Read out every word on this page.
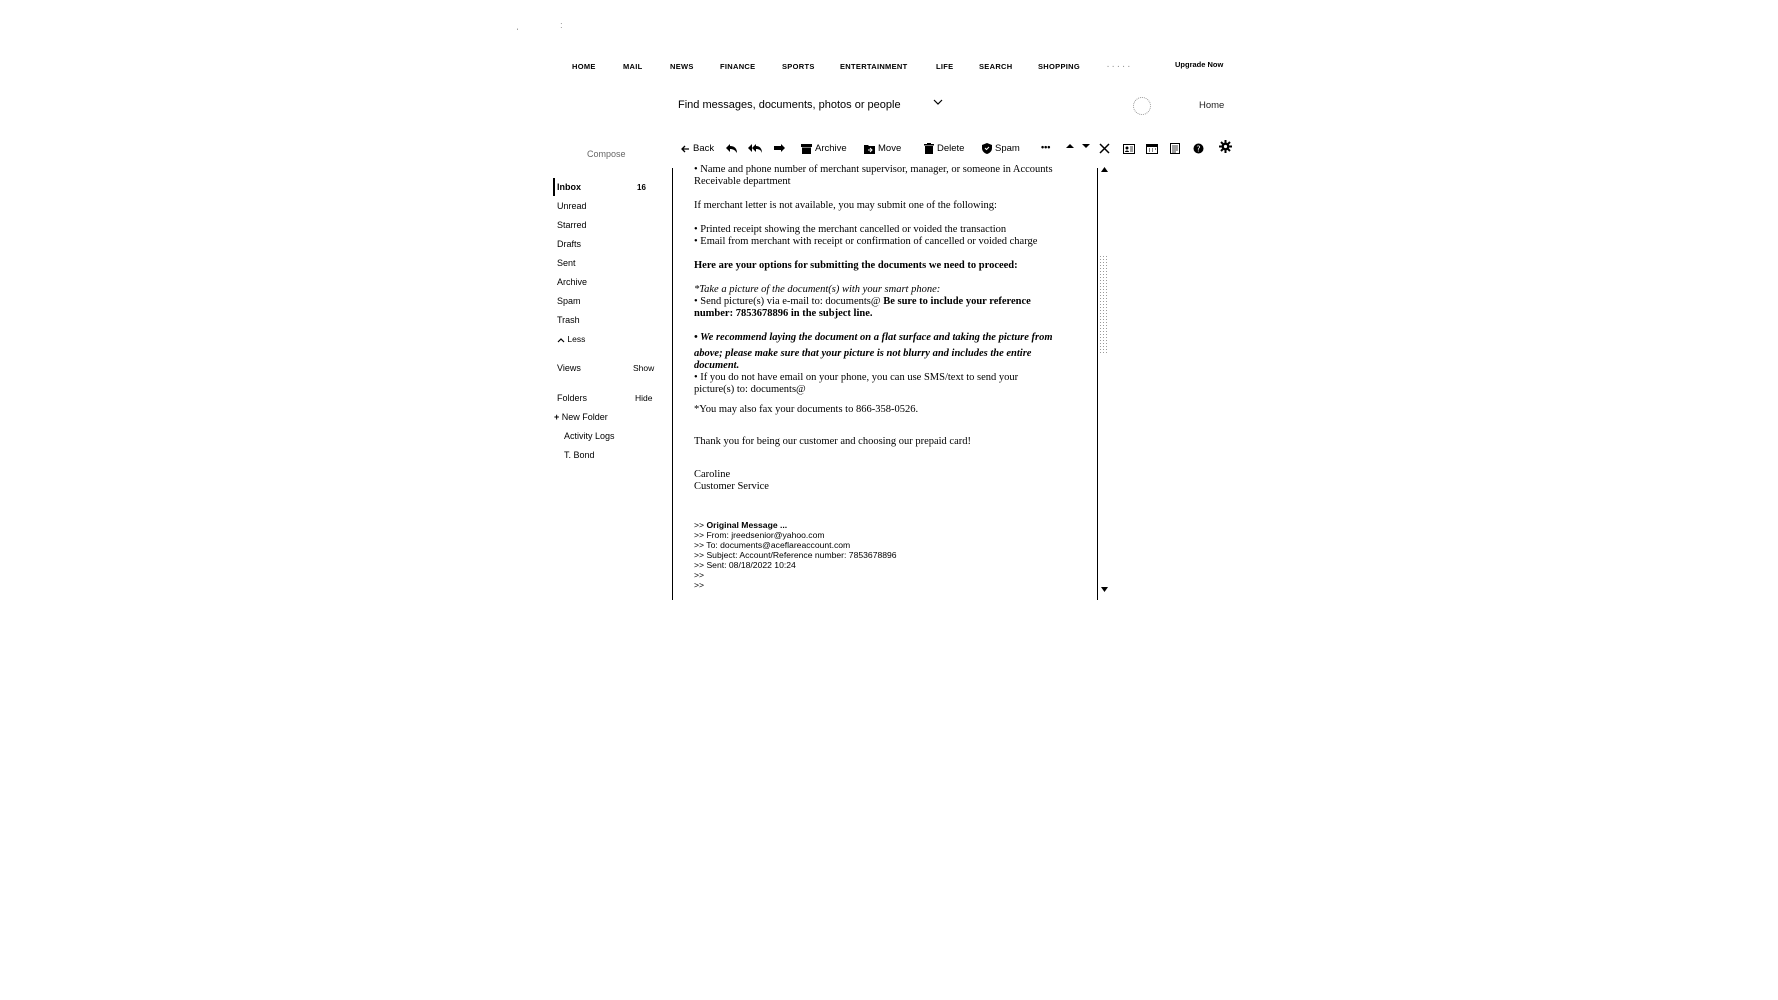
ˌ	ː
HOME	MAIL	NEWS	FINANCE	SPORTS	ENTERTAINMENT	LIFE	SEARCH	SHOPPING	· · · · ·	Upgrade Now
Find messages, documents, photos or people
Home
Compose	Back	Archive	Move	Delete	Spam •••	?
Inbox	16
Unread
Starred
Drafts
Sent
Archive
Spam
Trash
Less
Views	Show
Folders	Hide
+ New Folder
Activity Logs
T. Bond

• Name and phone number of merchant supervisor, manager, or someone in Accounts

Receivable department

If merchant letter is not available, you may submit one of the following:

• Printed receipt showing the merchant cancelled or voided the transaction

• Email from merchant with receipt or confirmation of cancelled or voided charge

Here are your options for submitting the documents we need to proceed:

*Take a picture of the document(s) with your smart phone:

• Send picture(s) via e-mail to: documents@ Be sure to include your reference

number: 7853678896 in the subject line.

• We recommend laying the document on a flat surface and taking the picture from

above; please make sure that your picture is not blurry and includes the entire

document.

• If you do not have email on your phone, you can use SMS/text to send your

picture(s) to: documents@

*You may also fax your documents to 866-358-0526.

Thank you for being our customer and choosing our prepaid card!

Caroline

Customer Service

>> Original Message ...

>> From: jreedsenior@yahoo.com

>> To: documents@aceflareaccount.com

>> Subject: Account/Reference number: 7853678896

>> Sent: 08/18/2022 10:24

>>

>>
